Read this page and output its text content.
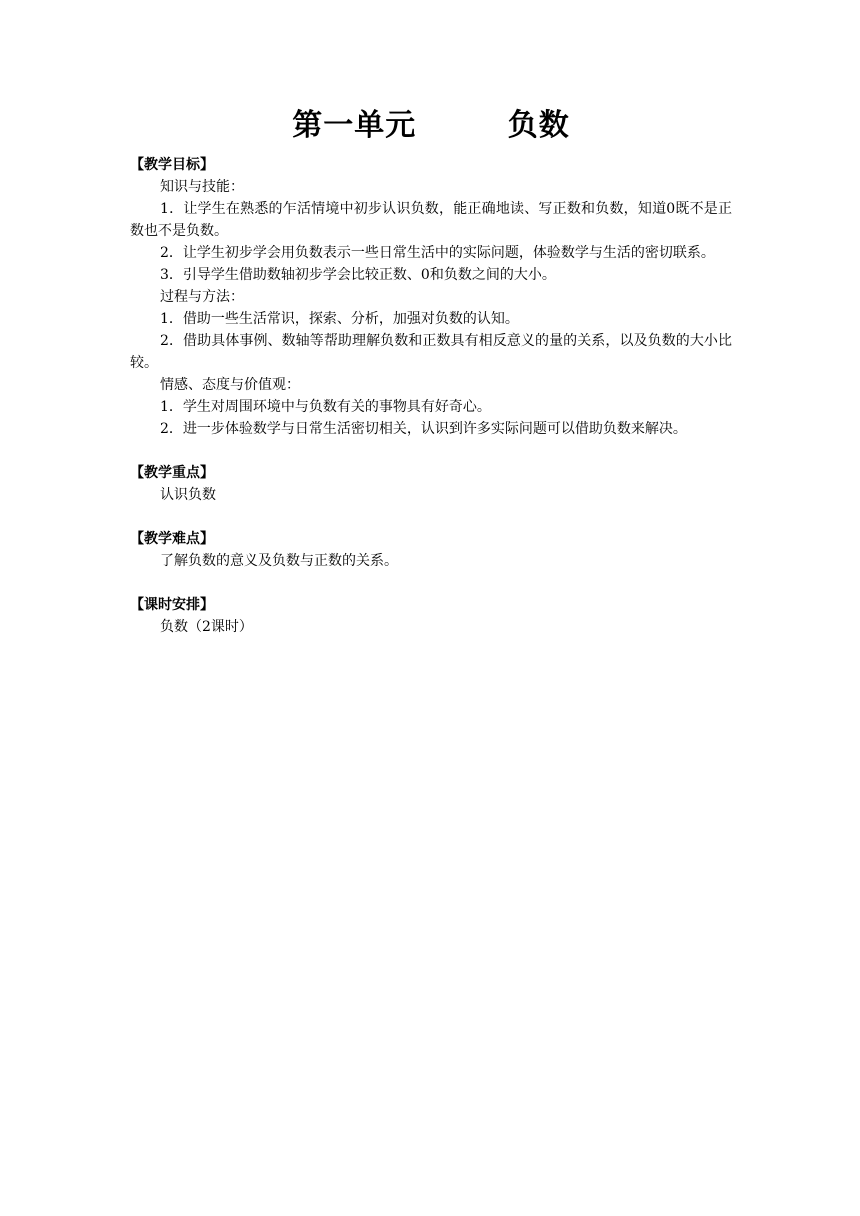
第一单元        负数

【教学目标】

知识与技能：

1．让学生在熟悉的乍活情境中初步认识负数，能正确地读、写正数和负数，知道0既不是正数也不是负数。

2．让学生初步学会用负数表示一些日常生活中的实际问题，体验数学与生活的密切联系。

3．引导学生借助数轴初步学会比较正数、0和负数之间的大小。

过程与方法：

1．借助一些生活常识，探索、分析，加强对负数的认知。

2．借助具体事例、数轴等帮助理解负数和正数具有相反意义的量的关系，以及负数的大小比较。

情感、态度与价值观：

1．学生对周围环境中与负数有关的事物具有好奇心。

2．进一步体验数学与日常生活密切相关，认识到许多实际问题可以借助负数来解决。

【教学重点】

认识负数

【教学难点】

了解负数的意义及负数与正数的关系。

【课时安排】

负数（2课时）
